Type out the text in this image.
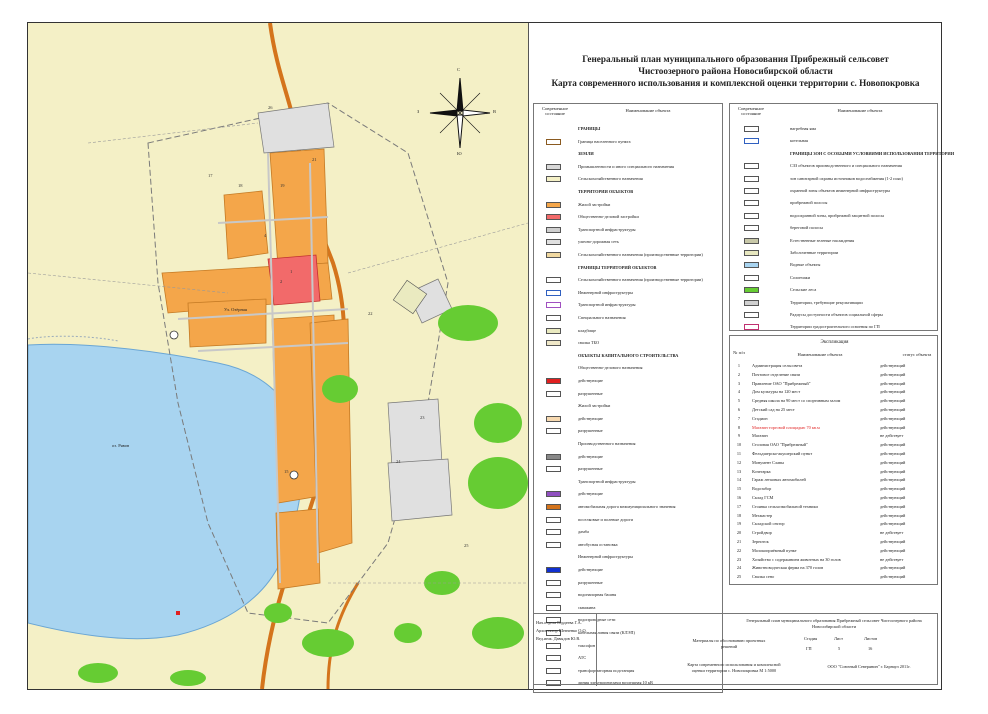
оз. Рявов
Ул. Озёрная
1
2
4
17
18	19
21
22
23
24
25
26
15
Генеральный план муниципального образования Прибрежный сельсовет
Чистоозерного района Новосибирской области
Карта современного использования и комплексной оценки территории с. Новопокровка
С
В
Ю
З
Современное состояние
Наименование объекта
ГРАНИЦЫ
Граница населенного пункта
ЗЕМЛИ
Промышленности и иного специального назначения
Сельскохозяйственного назначения
ТЕРРИТОРИИ ОБЪЕКТОВ
Жилой застройки
Общественно-деловой застройки
Транспортной инфраструктуры
улично-дорожная сеть
Сельскохозяйственного назначения (производственные территории)
ГРАНИЦЫ ТЕРРИТОРИЙ ОБЪЕКТОВ
Сельскохозяйственного назначения (производственные территории)
Инженерной инфраструктуры
Транспортной инфраструктуры
Специального назначения
кладбище
свалка ТБО
ОБЪЕКТЫ КАПИТАЛЬНОГО СТРОИТЕЛЬСТВА
Общественно-делового назначения
действующие
разрушенные
Жилой застройки
действующие
разрушенные
Производственного назначения
действующие
разрушенные
Транспортной инфраструктуры
действующие
автомобильная дорога межмуниципального значения
поселковые и полевые дороги
дамба
автобусная остановка
Инженерной инфраструктуры
действующие
разрушенные
водонапорная башня
скважина
водопроводные сети
кабельная линия связи (КЛЭП)
таксофон
АТС
трансформаторная подстанция
линия электропередачи воздушная 10 кВ
Современное состояние
Наименование объекта
нагребная яма
котельная
ГРАНИЦЫ ЗОН С ОСОБЫМИ УСЛОВИЯМИ ИСПОЛЬЗОВАНИЯ ТЕРРИТОРИИ
СЗЗ объектов производственного и специального назначения
зон санитарной охраны источников водоснабжения (1-2 пояс)
охранной зоны объектов инженерной инфраструктуры
прибрежной полосы
водоохранной зоны, прибрежной защитной полосы
береговой полосы
Естественные зеленые насаждения
Заболоченные территории
Водные объекты
Солончаки
Сельские леса
Территории, требующие рекультивации
Радиусы доступности объектов социальной сферы
Территории градостроительного освоения по ГП
Экспликация
№ п/п	Наименование объекта	статус объекта
1	Администрация сельсовета	действующий
2	Почтовое отделение связи	действующий
3	Правление ОАО "Прибрежный"	действующий
4	Дом культуры на 120 мест	действующий
5	Средняя школа на 90 мест со спортивным залом	действующий
6	Детский сад на 25 мест	действующий
7	Стадион	действующий
8	Магазин торговой площадью 70 кв.м	действующий
9	Магазин	не действует
10	Столовая ОАО "Прибрежный"	действующий
11	Фельдшерско-акушерский пункт	действующий
12	Монумент Славы	действующий
13	Кочегарка	действующий
14	Гараж легковых автомобилей	действующий
15	Водозабор	действующий
16	Склад ГСМ	действующий
17	Стоянка сельхозмобильной техники	действующий
18	Мехмастер	действующий
19	Складской сектор	действующий
20	Стройдвор	не действует
21	Зерноток	действующий
22	Молокоприёмный пункт	действующий
23	Хозяйство с содержанием животных на 30 голов	не действует
24	Животноводческая ферма на 370 голов	действующий
25	Свалка сено	действующий
Нач.отдела Гордеева Г.А.
Архитектор Шевченко О.О.
Вед.инж. Давыдов Ю.В.
Генеральный план муниципального образования Прибрежный сельсовет Чистоозерного района Новосибирской области
Материалы по обоснованию проектных решений
Стадия	Лист	Листов
ГП	5	16
Карта современного использования и комплексной оценки территории с. Новопокровка М 1:5000
ООО "Союзный Северянин" г. Барнаул 2011г.
